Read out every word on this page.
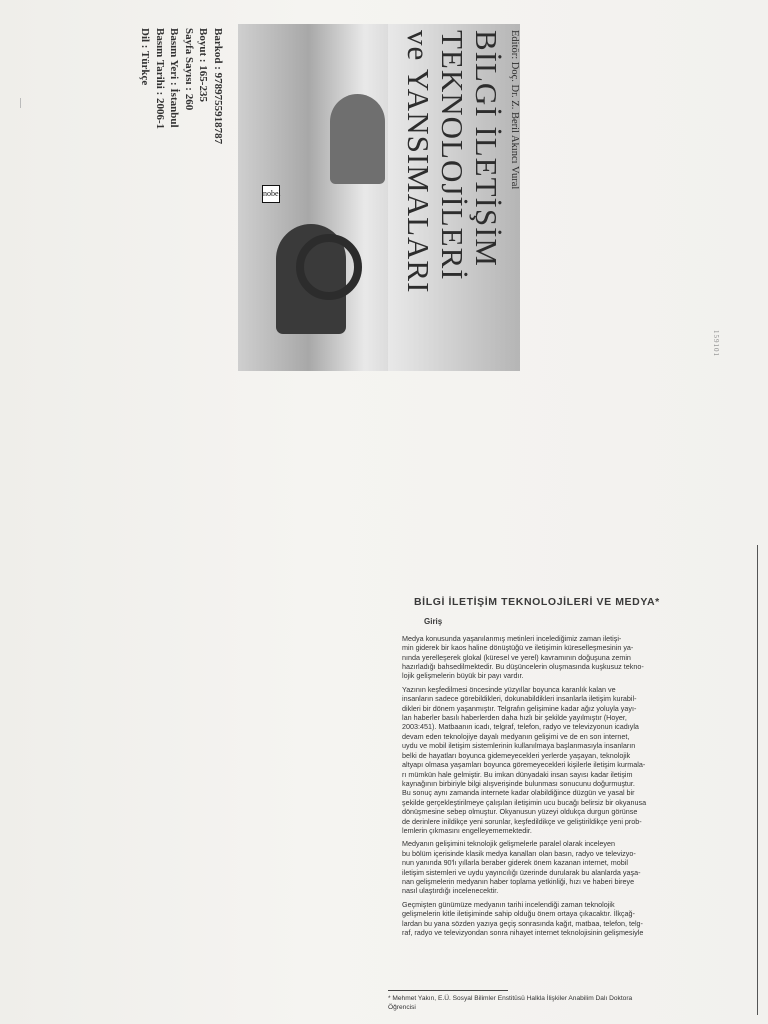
Barkod : 9789755918787
Boyut : 165-235
Sayfa Sayısı : 260
Basım Yeri : İstanbul
Basım Tarihi : 2006-1
Dil : Türkçe
nobel
Editör: Doç. Dr. Z. Beril Akıncı Vural
BİLGİ İLETİŞİM
TEKNOLOJİLERİ
ve YANSIMALARI
159101
BİLGİ İLETİŞİM TEKNOLOJİLERİ VE MEDYA*
Giriş

Medya konusunda yaşanılanmış metinleri incelediğimiz zaman iletişi-
min giderek bir kaos haline dönüştüğü ve iletişimin küreselleşmesinin ya-
nında yerelleşerek glokal (küresel ve yerel) kavramının doğuşuna zemin
hazırladığı bahsedilmektedir. Bu düşüncelerin oluşmasında kuşkusuz tekno-
lojik gelişmelerin büyük bir payı vardır.

Yazının keşfedilmesi öncesinde yüzyıllar boyunca karanlık kalan ve
insanların sadece görebildikleri, dokunabildikleri insanlarla iletişim kurabil-
dikleri bir dönem yaşanmıştır. Telgrafın gelişimine kadar ağız yoluyla yayı-
lan haberler basılı haberlerden daha hızlı bir şekilde yayılmıştır (Hoyer,
2003:451). Matbaanın icadı, telgraf, telefon, radyo ve televizyonun icadıyla
devam eden teknolojiye dayalı medyanın gelişimi ve de en son internet,
uydu ve mobil iletişim sistemlerinin kullanılmaya başlanmasıyla insanların
belki de hayatları boyunca gidemeyecekleri yerlerde yaşayan, teknolojik
altyapı olmasa yaşamları boyunca göremeyecekleri kişilerle iletişim kurmala-
rı mümkün hale gelmiştir. Bu imkan dünyadaki insan sayısı kadar iletişim
kaynağının birbiriyle bilgi alışverişinde bulunması sonucunu doğurmuştur.
Bu sonuç aynı zamanda internete kadar olabildiğince düzgün ve yasal bir
şekilde gerçekleştirilmeye çalışılan iletişimin ucu bucağı belirsiz bir okyanusa
dönüşmesine sebep olmuştur. Okyanusun yüzeyi oldukça durgun görünse
de derinlere inildikçe yeni sorunlar, keşfedildikçe ve geliştirildikçe yeni prob-
lemlerin çıkmasını engelleyememektedir.

Medyanın gelişimini teknolojik gelişmelerle paralel olarak inceleyen
bu bölüm içerisinde klasik medya kanalları olan basın, radyo ve televizyo-
nun yanında 90'lı yıllarla beraber giderek önem kazanan internet, mobil
iletişim sistemleri ve uydu yayıncılığı üzerinde durularak bu alanlarda yaşa-
nan gelişmelerin medyanın haber toplama yetkinliği, hızı ve haberi bireye
nasıl ulaştırdığı incelenecektir.

Geçmişten günümüze medyanın tarihi incelendiği zaman teknolojik
gelişmelerin kitle iletişiminde sahip olduğu önem ortaya çıkacaktır. İlkçağ-
lardan bu yana sözden yazıya geçiş sonrasında kağıt, matbaa, telefon, telg-
raf, radyo ve televizyondan sonra nihayet internet teknolojisinin gelişmesiyle

* Mehmet Yakın, E.Ü. Sosyal Bilimler Enstitüsü Halkla İlişkiler Anabilim Dalı Doktora
Öğrencisi
